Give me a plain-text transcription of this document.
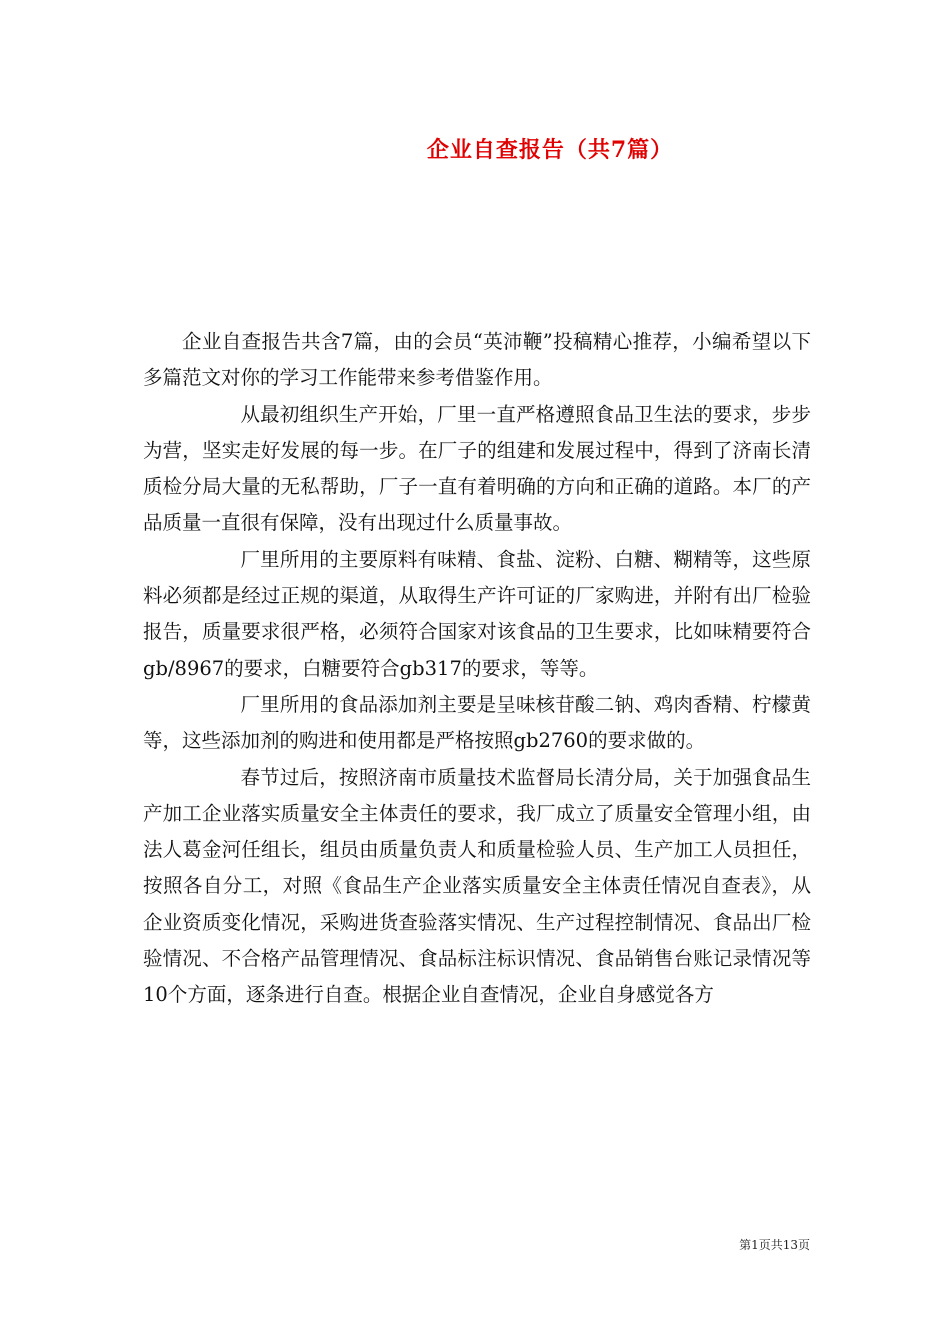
企业自查报告（共7篇）

企业自查报告共含7篇，由的会员“英沛鞭”投稿精心推荐，小编希望以下多篇范文对你的学习工作能带来参考借鉴作用。

从最初组织生产开始，厂里一直严格遵照食品卫生法的要求，步步为营，坚实走好发展的每一步。在厂子的组建和发展过程中，得到了济南长清质检分局大量的无私帮助，厂子一直有着明确的方向和正确的道路。本厂的产品质量一直很有保障，没有出现过什么质量事故。

厂里所用的主要原料有味精、食盐、淀粉、白糖、糊精等，这些原料必须都是经过正规的渠道，从取得生产许可证的厂家购进，并附有出厂检验报告，质量要求很严格，必须符合国家对该食品的卫生要求，比如味精要符合gb/8967的要求，白糖要符合gb317的要求，等等。

厂里所用的食品添加剂主要是呈味核苷酸二钠、鸡肉香精、柠檬黄等，这些添加剂的购进和使用都是严格按照gb2760的要求做的。

春节过后，按照济南市质量技术监督局长清分局，关于加强食品生产加工企业落实质量安全主体责任的要求，我厂成立了质量安全管理小组，由法人葛金河任组长，组员由质量负责人和质量检验人员、生产加工人员担任，按照各自分工，对照《食品生产企业落实质量安全主体责任情况自查表》，从企业资质变化情况，采购进货查验落实情况、生产过程控制情况、食品出厂检验情况、不合格产品管理情况、食品标注标识情况、食品销售台账记录情况等10个方面，逐条进行自查。根据企业自查情况，企业自身感觉各方

第1页共13页
